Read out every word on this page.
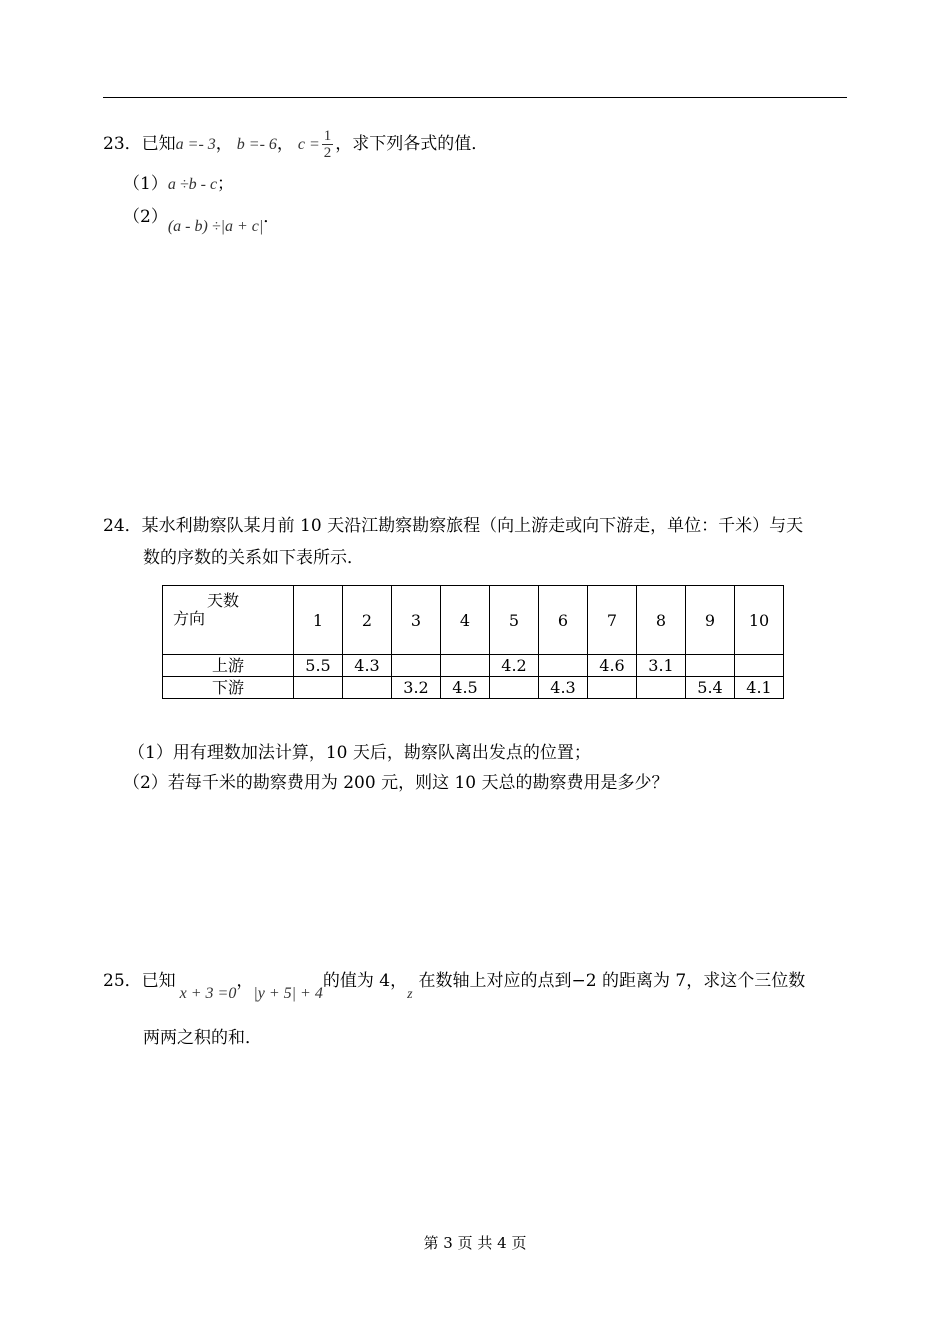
23．已知a =- 3， b =- 6， $c = \frac{1}{2}$ ，求下列各式的值．
（1）a ÷b - c；
（2）(a - b) ÷|a + c|．
24．某水利勘察队某月前 10 天沿江勘察勘察旅程（向上游走或向下游走，单位：千米）与天
数的序数的关系如下表所示．
天数
方向	1	2	3	4	5	6	7	8	9	10
上游	5.5	4.3			4.2		4.6	3.1		
下游			3.2	4.5		4.3			5.4	4.1
（1）用有理数加法计算，10 天后，勘察队离出发点的位置；
（2）若每千米的勘察费用为 200 元，则这 10 天总的勘察费用是多少？
25．已知x + 3 =0，|y + 5| + 4的值为 4，$_z$在数轴上对应的点到−2 的距离为 7，求这个三位数
两两之积的和．
第 3 页 共 4 页
